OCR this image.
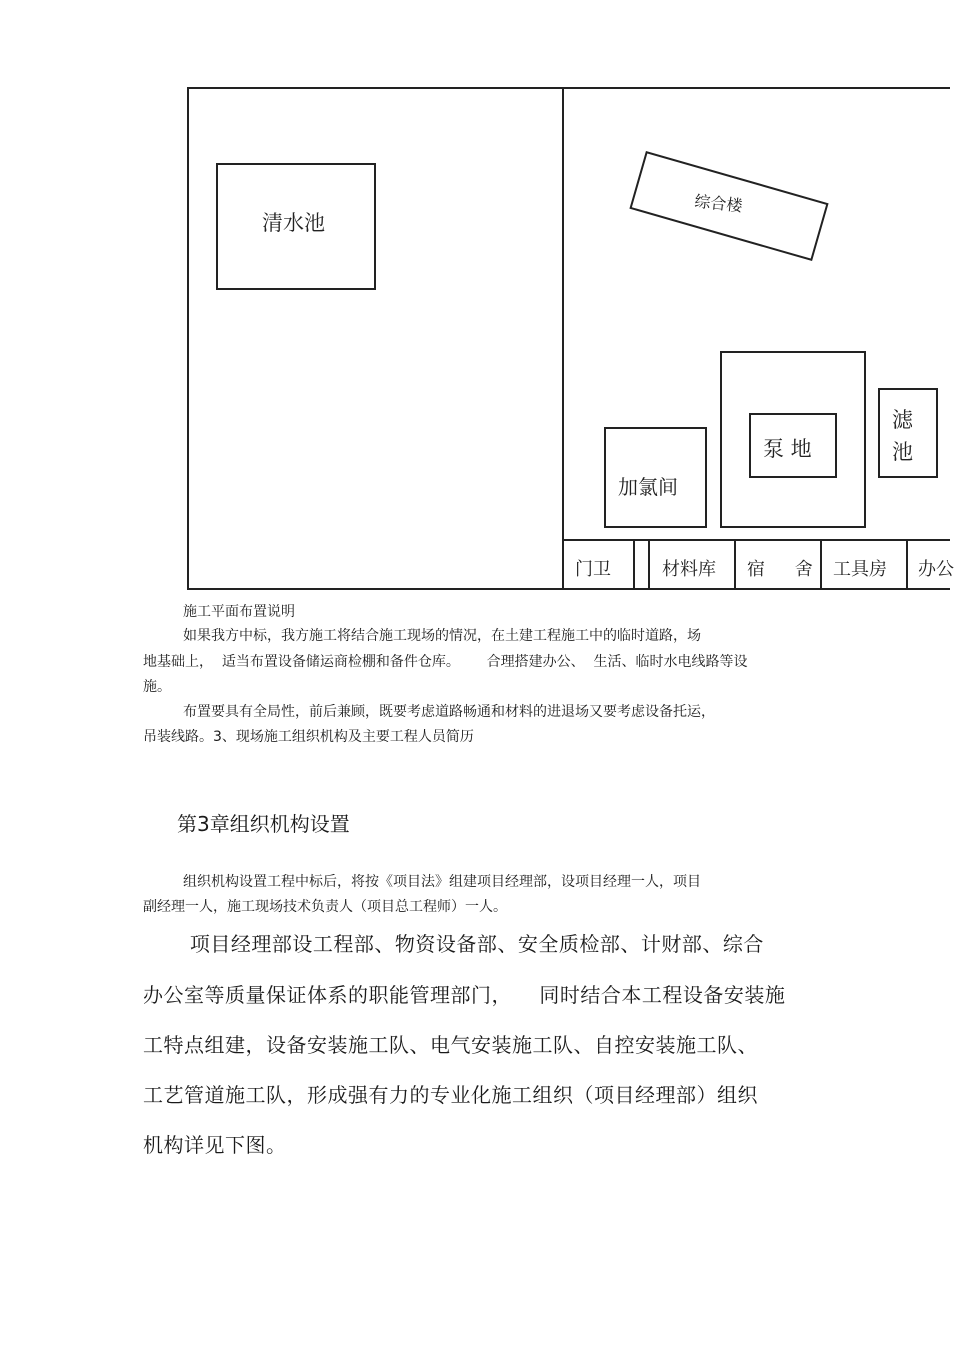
清水池
综合楼
泵 地
滤
池
加氯间
门卫	材料库 宿 舍 工具房 办公
施工平面布置说明
如果我方中标，我方施工将结合施工现场的情况，在土建工程施工中的临时道路，场
地基础上，  适当布置设备储运商检棚和备件仓库。      合理搭建办公、  生活、临时水电线路等设
施。
布置要具有全局性，前后兼顾，既要考虑道路畅通和材料的进退场又要考虑设备托运，
吊装线路。3、现场施工组织机构及主要工程人员简历
第3章组织机构设置
组织机构设置工程中标后，将按《项目法》组建项目经理部，设项目经理一人，项目
副经理一人，施工现场技术负责人（项目总工程师）一人。
项目经理部设工程部、物资设备部、安全质检部、计财部、综合
办公室等质量保证体系的职能管理部门，    同时结合本工程设备安装施
工特点组建，设备安装施工队、电气安装施工队、自控安装施工队、
工艺管道施工队，形成强有力的专业化施工组织（项目经理部）组织
机构详见下图。
